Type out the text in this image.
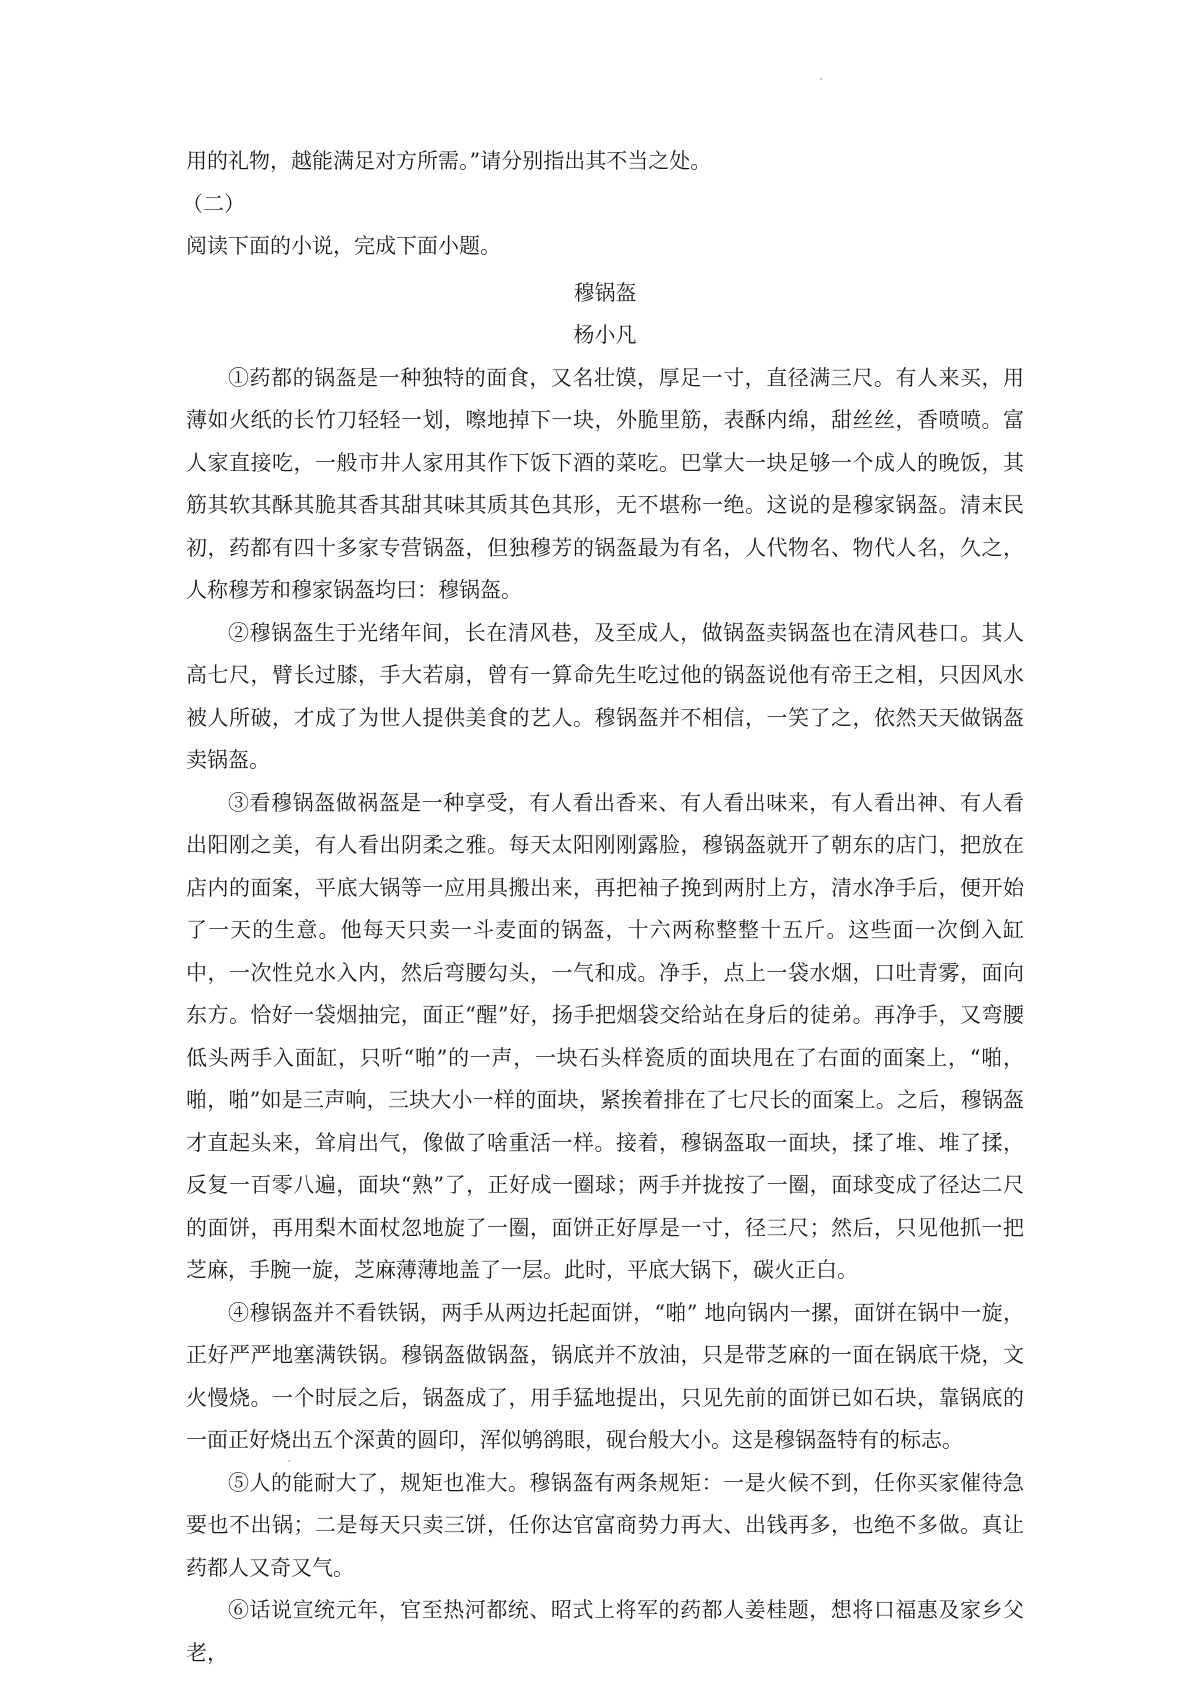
用的礼物，越能满足对方所需。”请分别指出其不当之处。

（二）

阅读下面的小说，完成下面小题。

穆锅盔

杨小凡

①药都的锅盔是一种独特的面食，又名壮馍，厚足一寸，直径满三尺。有人来买，用薄如火纸的长竹刀轻轻一划，嚓地掉下一块，外脆里筋，表酥内绵，甜丝丝，香喷喷。富人家直接吃，一般市井人家用其作下饭下酒的菜吃。巴掌大一块足够一个成人的晚饭，其筋其软其酥其脆其香其甜其味其质其色其形，无不堪称一绝。这说的是穆家锅盔。清末民初，药都有四十多家专营锅盔，但独穆芳的锅盔最为有名，人代物名、物代人名，久之，人称穆芳和穆家锅盔均曰：穆锅盔。

②穆锅盔生于光绪年间，长在清风巷，及至成人，做锅盔卖锅盔也在清风巷口。其人高七尺，臂长过膝，手大若扇，曾有一算命先生吃过他的锅盔说他有帝王之相，只因风水被人所破，才成了为世人提供美食的艺人。穆锅盔并不相信，一笑了之，依然天天做锅盔卖锅盔。

③看穆锅盔做祸盔是一种享受，有人看出香来、有人看出味来，有人看出神、有人看出阳刚之美，有人看出阴柔之雅。每天太阳刚刚露脸，穆锅盔就开了朝东的店门，把放在店内的面案，平底大锅等一应用具搬出来，再把袖子挽到两肘上方，清水净手后，便开始了一天的生意。他每天只卖一斗麦面的锅盔，十六两称整整十五斤。这些面一次倒入缸中，一次性兑水入内，然后弯腰勾头，一气和成。净手，点上一袋水烟，口吐青雾，面向东方。恰好一袋烟抽完，面正“醒”好，扬手把烟袋交给站在身后的徒弟。再净手，又弯腰低头两手入面缸，只听“啪”的一声，一块石头样瓷质的面块甩在了右面的面案上，“啪，啪，啪”如是三声响，三块大小一样的面块，紧挨着排在了七尺长的面案上。之后，穆锅盔才直起头来，耸肩出气，像做了啥重活一样。接着，穆锅盔取一面块，揉了堆、堆了揉，反复一百零八遍，面块“熟”了，正好成一圈球；两手并拢按了一圈，面球变成了径达二尺的面饼，再用梨木面杖忽地旋了一圈，面饼正好厚是一寸，径三尺；然后，只见他抓一把芝麻，手腕一旋，芝麻薄薄地盖了一层。此时，平底大锅下，碳火正白。

④穆锅盔并不看铁锅，两手从两边托起面饼，“啪” 地向锅内一摞，面饼在锅中一旋，正好严严地塞满铁锅。穆锅盔做锅盔，锅底并不放油，只是带芝麻的一面在锅底干烧，文火慢烧。一个时辰之后，锅盔成了，用手猛地提出，只见先前的面饼已如石块，靠锅底的一面正好烧出五个深黄的圆印，浑似鸲鹆眼，砚台般大小。这是穆锅盔特有的标志。

⑤人的能耐大了，规矩也准大。穆锅盔有两条规矩：一是火候不到，任你买家催待急要也不出锅；二是每天只卖三饼，任你达官富商势力再大、出钱再多，也绝不多做。真让药都人又奇又气。

⑥话说宣统元年，官至热河都统、昭式上将军的药都人姜桂题，想将口福惠及家乡父老，
